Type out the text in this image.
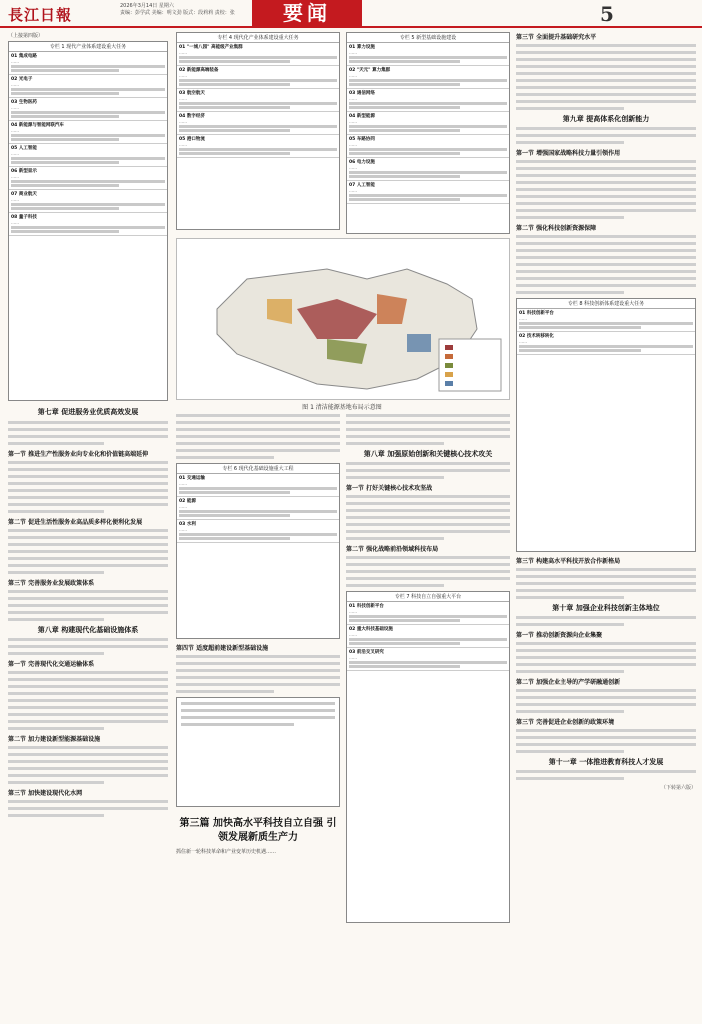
長江日報	2026年3月14日 星期六
责编：彭学武 美编：明文劲 版式：段莉莉 责校：张	要闻	5
（上接第四版）
专栏 1 现代产业体系建设重大任务
01 集成电路
……
02 光电子
……
03 生物医药
……
04 新能源与智能网联汽车
……
05 人工智能
……
06 新型显示
……
07 商业航天
……
08 量子科技
……
第七章 促进服务业优质高效发展
第一节 推进生产性服务业向专业化和价值链高端延伸
第二节 促进生活性服务业高品质多样化便利化发展
第三节 完善服务业发展政策体系
第八章 构建现代化基础设施体系
第一节 完善现代化交通运输体系
第二节 加力建设新型能源基础设施
第三节 加快建设现代化水网
专栏 4 现代化产业体系建设重大任务
01 "一城八园" 高能级产业集群
……
02 新能源高端装备
……
03 航空航天
……
04 数字经济
……
05 港口物流
……
图 1 清洁能源基地布局示意图
专栏 6 现代化基础设施重大工程
01 交通运输
……
02 能源
……
03 水利
……
第四节 适度超前建设新型基础设施
第三篇 加快高水平科技自立自强 引领发展新质生产力
抓住新一轮科技革命和产业变革历史机遇……
专栏 5 新型基础设施建设
01 算力设施
……
02 "天元" 算力集群
……
03 通信网络
……
04 新型能源
……
05 车路协同
……
06 电力设施
……
07 人工智能
……
第八章 加强原始创新和关键核心技术攻关
第一节 打好关键核心技术攻坚战
第二节 强化战略前沿领域科技布局
专栏 7 科技自立自强重大平台
01 科技创新平台
……
02 重大科技基础设施
……
03 前沿交叉研究
……
第三节 全面提升基础研究水平
第九章 提高体系化创新能力
第一节 增强国家战略科技力量引领作用
第二节 强化科技创新资源保障
专栏 8 科技创新体系建设重大任务
01 科技创新平台
……
02 技术转移转化
……
第三节 构建高水平科技开放合作新格局
第十章 加强企业科技创新主体地位
第一节 推动创新资源向企业集聚
第二节 加强企业主导的产学研融通创新
第三节 完善促进企业创新的政策环境
第十一章 一体推进教育科技人才发展
（下转第六版）
